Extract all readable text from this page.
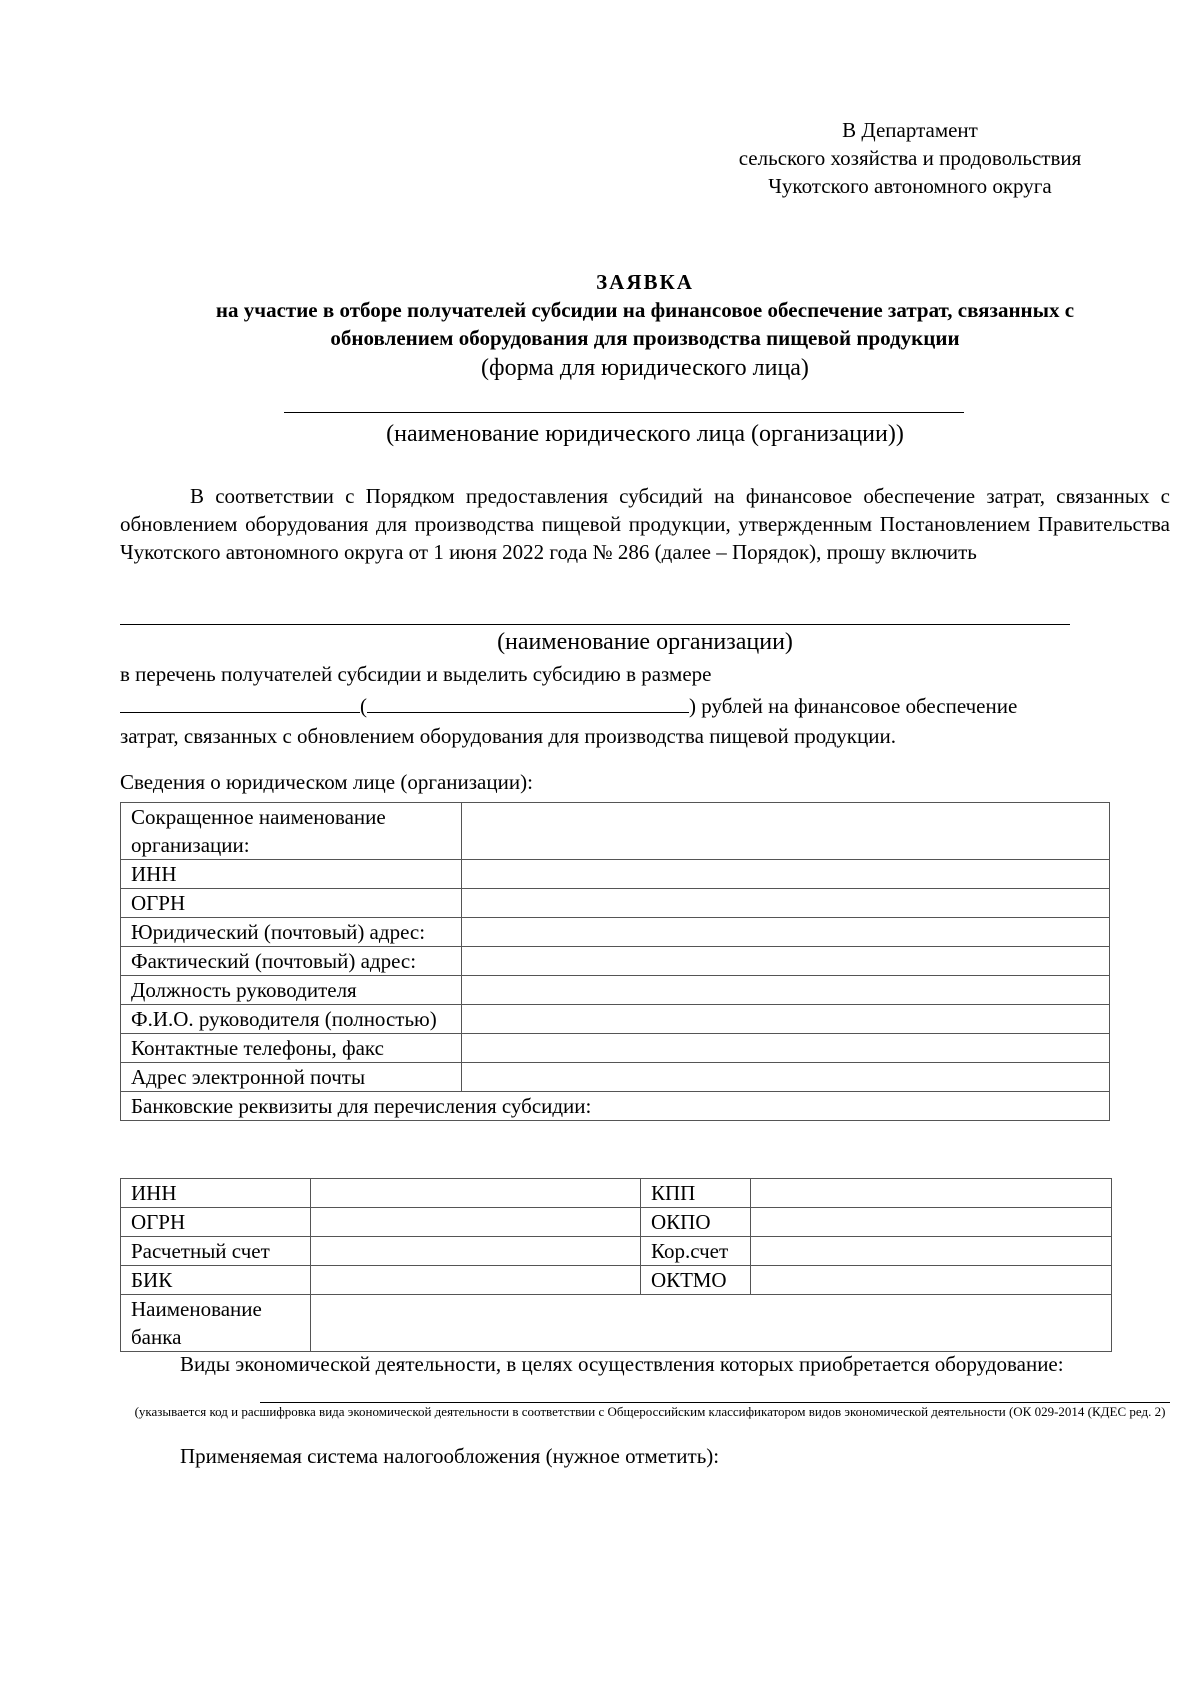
В Департамент
сельского хозяйства и продовольствия
Чукотского автономного округа
ЗАЯВКА
на участие в отборе получателей субсидии на финансовое обеспечение затрат, связанных с
обновлением оборудования для производства пищевой продукции
(форма для юридического лица)
(наименование юридического лица (организации))
В соответствии с Порядком предоставления субсидий на финансовое обеспечение затрат, связанных с обновлением оборудования для производства пищевой продукции, утвержденным Постановлением Правительства Чукотского автономного округа от 1 июня 2022 года № 286 (далее – Порядок), прошу включить
(наименование организации)
в перечень получателей субсидии и выделить субсидию в размере
(	) рублей на финансовое обеспечение
затрат, связанных с обновлением оборудования для производства пищевой продукции.
Сведения о юридическом лице (организации):
Сокращенное наименование организации:	
ИНН	
ОГРН	
Юридический (почтовый) адрес:	
Фактический (почтовый) адрес:	
Должность руководителя	
Ф.И.О. руководителя (полностью)	
Контактные телефоны, факс	
Адрес электронной почты	
Банковские реквизиты для перечисления субсидии:	
ИНН		КПП	
ОГРН		ОКПО	
Расчетный счет		Кор.счет	
БИК		ОКТМО	
Наименование банка			
Виды экономической деятельности, в целях осуществления которых приобретается оборудование:
(указывается код и расшифровка вида экономической деятельности в соответствии с Общероссийским классификатором видов экономической деятельности (ОК 029-2014 (КДЕС ред. 2)
Применяемая система налогообложения (нужное отметить):
